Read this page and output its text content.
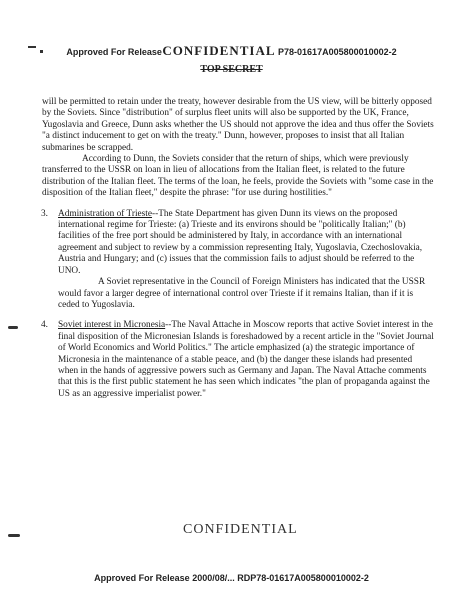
Approved For Release CONFIDENTIAL P78-01617A005800010002-2
TOP SECRET

will be permitted to retain under the treaty, however desirable from the US view, will be bitterly opposed by the Soviets. Since "distribution" of surplus fleet units will also be supported by the UK, France, Yugoslavia and Greece, Dunn asks whether the US should not approve the idea and thus offer the Soviets "a distinct inducement to get on with the treaty." Dunn, however, proposes to insist that all Italian submarines be scrapped.

According to Dunn, the Soviets consider that the return of ships, which were previously transferred to the USSR on loan in lieu of allocations from the Italian fleet, is related to the future distribution of the Italian fleet. The terms of the loan, he feels, provide the Soviets with "some case in the disposition of the Italian fleet," despite the phrase: "for use during hostilities."

3. Administration of Trieste--The State Department has given Dunn its views on the proposed international regime for Trieste: (a) Trieste and its environs should be "politically Italian;" (b) facilities of the free port should be administered by Italy, in accordance with an international agreement and subject to review by a commission representing Italy, Yugoslavia, Czechoslovakia, Austria and Hungary; and (c) issues that the commission fails to adjust should be referred to the UNO.

A Soviet representative in the Council of Foreign Ministers has indicated that the USSR would favor a larger degree of international control over Trieste if it remains Italian, than if it is ceded to Yugoslavia.

4. Soviet interest in Micronesia--The Naval Attache in Moscow reports that active Soviet interest in the final disposition of the Micronesian Islands is foreshadowed by a recent article in the "Soviet Journal of World Economics and World Politics." The article emphasized (a) the strategic importance of Micronesia in the maintenance of a stable peace, and (b) the danger these islands had presented when in the hands of aggressive powers such as Germany and Japan. The Naval Attache comments that this is the first public statement he has seen which indicates "the plan of propaganda against the US as an aggressive imperialist power."

CONFIDENTIAL
Approved For Release 2000/08/... RDP78-01617A005800010002-2
